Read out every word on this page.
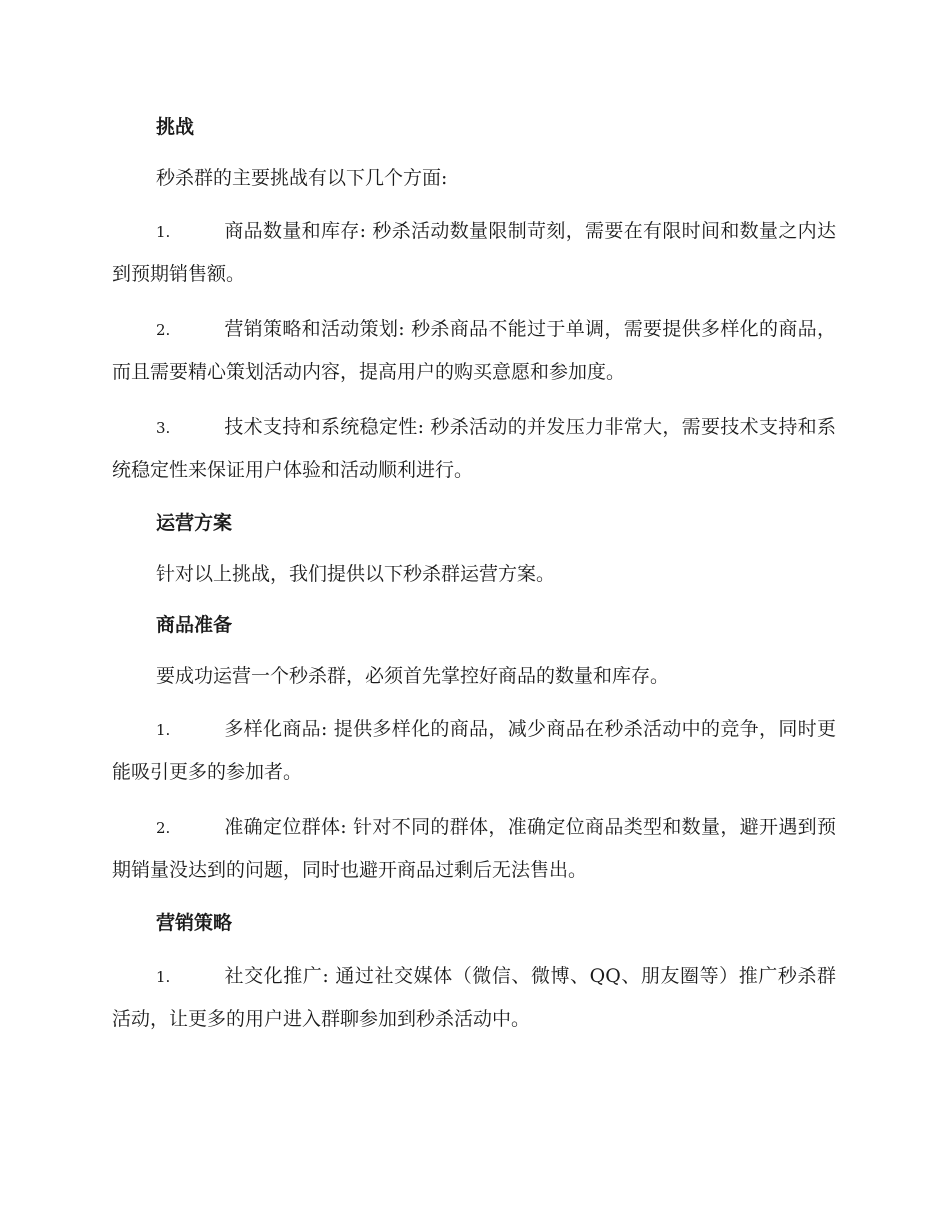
挑战
秒杀群的主要挑战有以下几个方面:
1.	商品数量和库存: 秒杀活动数量限制苛刻，需要在有限时间和数量之内达到预期销售额。
2.	营销策略和活动策划: 秒杀商品不能过于单调，需要提供多样化的商品，而且需要精心策划活动内容，提高用户的购买意愿和参加度。
3.	技术支持和系统稳定性: 秒杀活动的并发压力非常大，需要技术支持和系统稳定性来保证用户体验和活动顺利进行。
运营方案
针对以上挑战，我们提供以下秒杀群运营方案。
商品准备
要成功运营一个秒杀群，必须首先掌控好商品的数量和库存。
1.	多样化商品: 提供多样化的商品，减少商品在秒杀活动中的竞争，同时更能吸引更多的参加者。
2.	准确定位群体: 针对不同的群体，准确定位商品类型和数量，避开遇到预期销量没达到的问题，同时也避开商品过剩后无法售出。
营销策略
1.	社交化推广: 通过社交媒体（微信、微博、QQ、朋友圈等）推广秒杀群活动，让更多的用户进入群聊参加到秒杀活动中。
